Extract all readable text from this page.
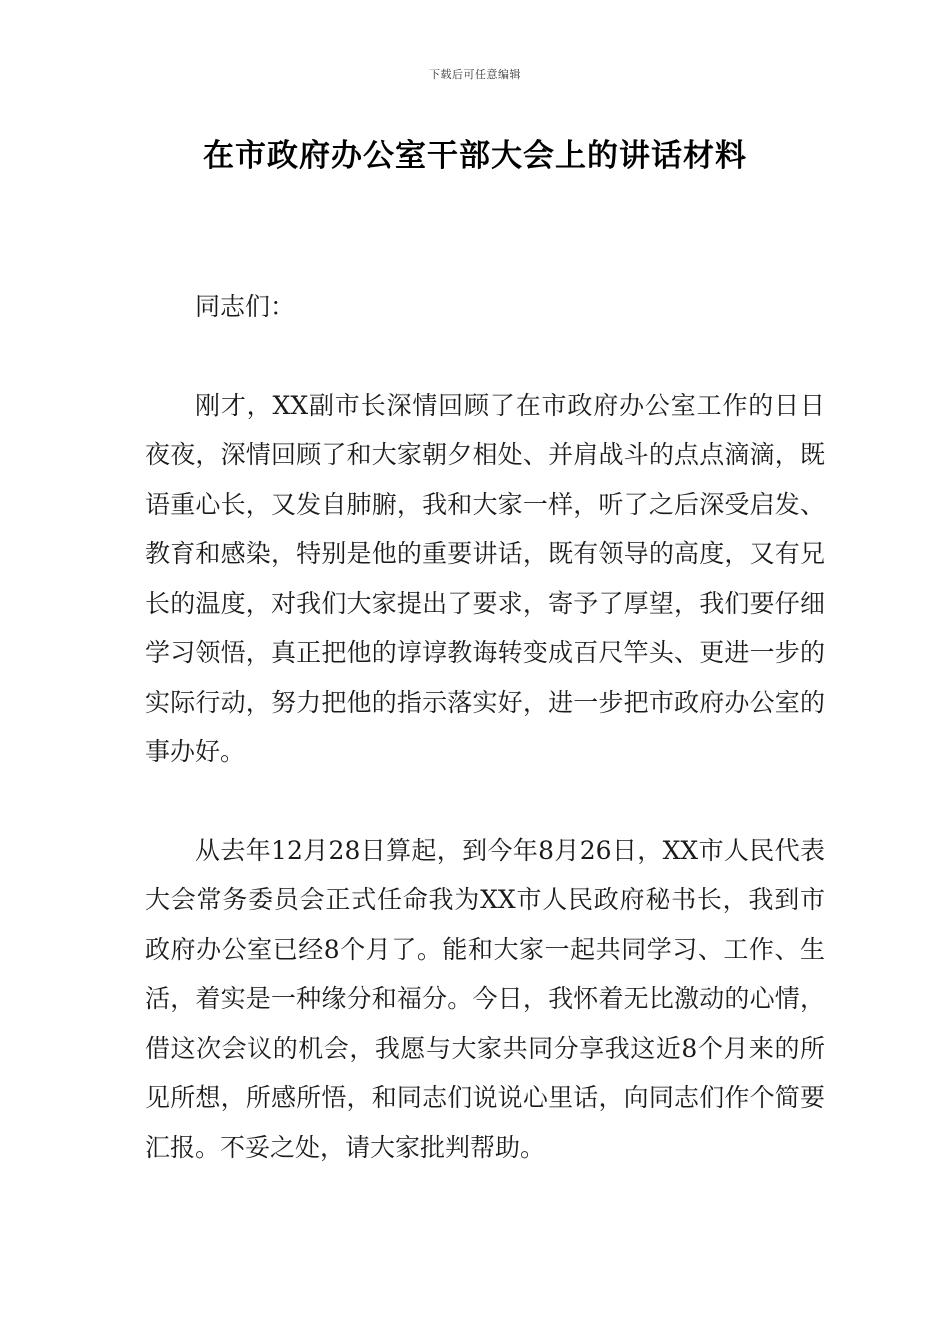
下载后可任意编辑
在市政府办公室干部大会上的讲话材料

同志们：

刚才，XX副市长深情回顾了在市政府办公室工作的日日夜夜，深情回顾了和大家朝夕相处、并肩战斗的点点滴滴，既语重心长，又发自肺腑，我和大家一样，听了之后深受启发、教育和感染，特别是他的重要讲话，既有领导的高度，又有兄长的温度，对我们大家提出了要求，寄予了厚望，我们要仔细学习领悟，真正把他的谆谆教诲转变成百尺竿头、更进一步的实际行动，努力把他的指示落实好，进一步把市政府办公室的事办好。

从去年12月28日算起，到今年8月26日，XX市人民代表大会常务委员会正式任命我为XX市人民政府秘书长，我到市政府办公室已经8个月了。能和大家一起共同学习、工作、生活，着实是一种缘分和福分。今日，我怀着无比激动的心情，借这次会议的机会，我愿与大家共同分享我这近8个月来的所见所想，所感所悟，和同志们说说心里话，向同志们作个简要汇报。不妥之处，请大家批判帮助。
